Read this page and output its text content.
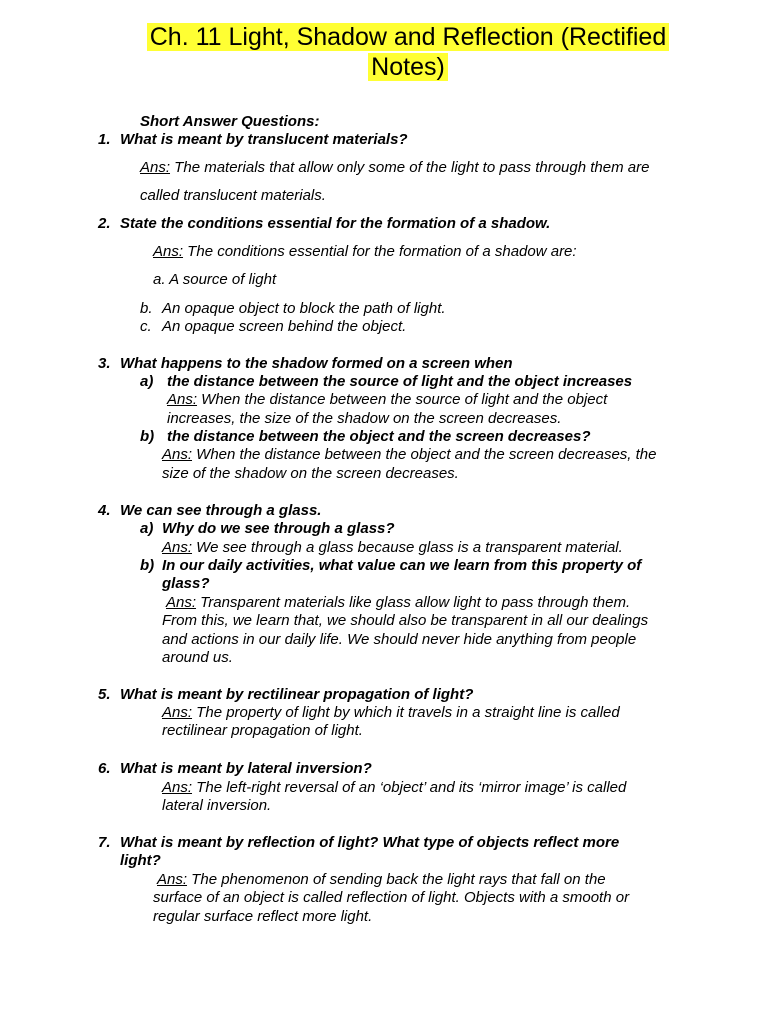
Ch. 11 Light, Shadow and Reflection (Rectified
Notes)
Short Answer Questions:
1. What is meant by translucent materials?
Ans: The materials that allow only some of the light to pass through them are
called translucent materials.
2. State the conditions essential for the formation of a shadow.
Ans: The conditions essential for the formation of a shadow are:
a. A source of light
b. An opaque object to block the path of light.
c. An opaque screen behind the object.
3. What happens to the shadow formed on a screen when
a) the distance between the source of light and the object increases
Ans: When the distance between the source of light and the object
increases, the size of the shadow on the screen decreases.
b) the distance between the object and the screen decreases?
Ans: When the distance between the object and the screen decreases, the
size of the shadow on the screen decreases.
4. We can see through a glass.
a) Why do we see through a glass?
Ans: We see through a glass because glass is a transparent material.
b) In our daily activities, what value can we learn from this property of
glass?
Ans: Transparent materials like glass allow light to pass through them.
From this, we learn that, we should also be transparent in all our dealings
and actions in our daily life. We should never hide anything from people
around us.
5. What is meant by rectilinear propagation of light?
Ans: The property of light by which it travels in a straight line is called
rectilinear propagation of light.
6. What is meant by lateral inversion?
Ans: The left-right reversal of an ‘object’ and its ‘mirror image’ is called
lateral inversion.
7. What is meant by reflection of light? What type of objects reflect more
light?
Ans: The phenomenon of sending back the light rays that fall on the
surface of an object is called reflection of light. Objects with a smooth or
regular surface reflect more light.
